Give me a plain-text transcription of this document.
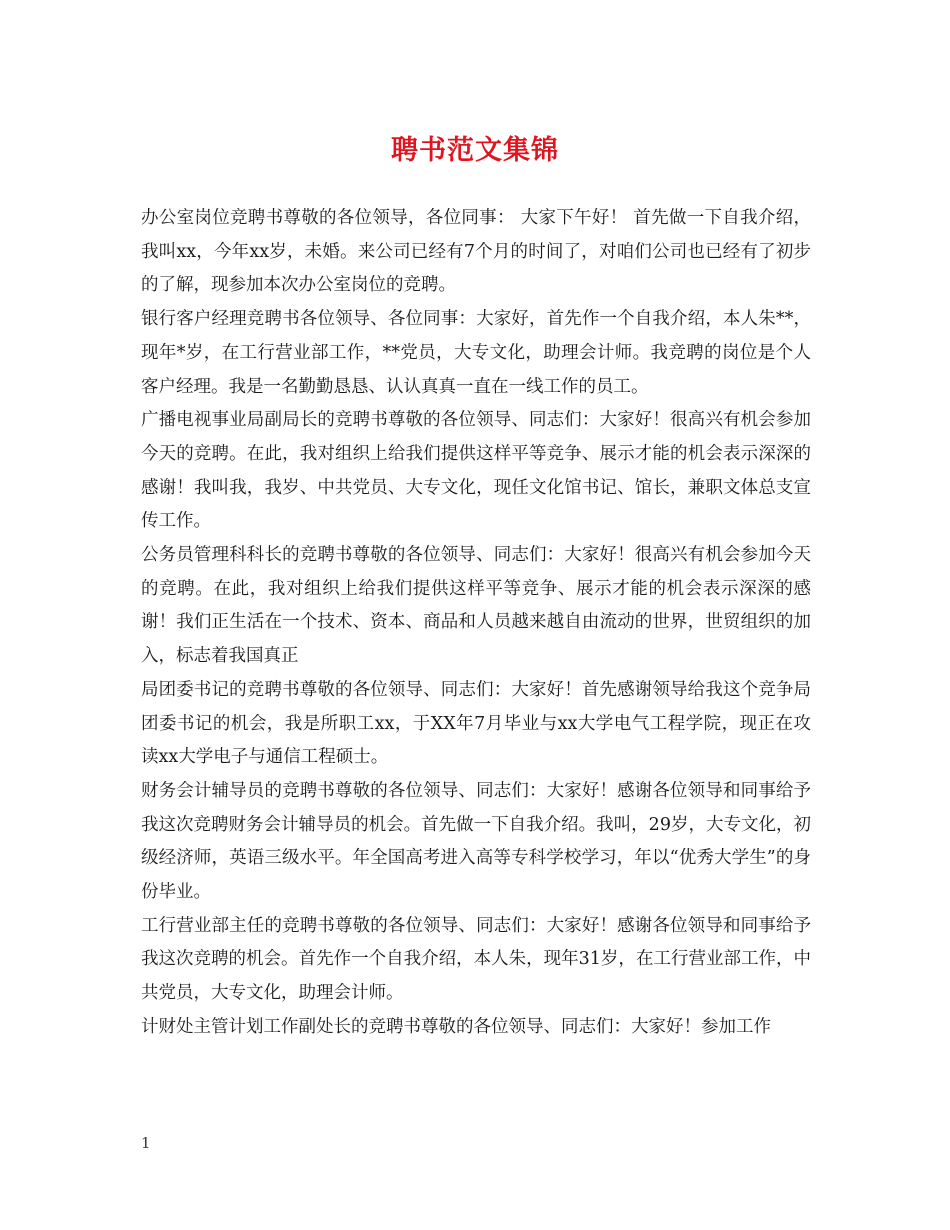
聘书范文集锦

办公室岗位竞聘书尊敬的各位领导，各位同事： 大家下午好！ 首先做一下自我介绍，我叫xx，今年xx岁，未婚。来公司已经有7个月的时间了，对咱们公司也已经有了初步的了解，现参加本次办公室岗位的竞聘。

银行客户经理竞聘书各位领导、各位同事：大家好，首先作一个自我介绍，本人朱**，现年*岁，在工行营业部工作，**党员，大专文化，助理会计师。我竞聘的岗位是个人客户经理。我是一名勤勤恳恳、认认真真一直在一线工作的员工。

广播电视事业局副局长的竞聘书尊敬的各位领导、同志们：大家好！很高兴有机会参加今天的竞聘。在此，我对组织上给我们提供这样平等竞争、展示才能的机会表示深深的感谢！我叫我，我岁、中共党员、大专文化，现任文化馆书记、馆长，兼职文体总支宣传工作。

公务员管理科科长的竞聘书尊敬的各位领导、同志们：大家好！很高兴有机会参加今天的竞聘。在此，我对组织上给我们提供这样平等竞争、展示才能的机会表示深深的感谢！我们正生活在一个技术、资本、商品和人员越来越自由流动的世界，世贸组织的加入，标志着我国真正

局团委书记的竞聘书尊敬的各位领导、同志们：大家好！首先感谢领导给我这个竞争局团委书记的机会，我是所职工xx，于XX年7月毕业与xx大学电气工程学院，现正在攻读xx大学电子与通信工程硕士。

财务会计辅导员的竞聘书尊敬的各位领导、同志们：大家好！感谢各位领导和同事给予我这次竞聘财务会计辅导员的机会。首先做一下自我介绍。我叫，29岁，大专文化，初级经济师，英语三级水平。年全国高考进入高等专科学校学习，年以“优秀大学生”的身份毕业。

工行营业部主任的竞聘书尊敬的各位领导、同志们：大家好！感谢各位领导和同事给予我这次竞聘的机会。首先作一个自我介绍，本人朱，现年31岁，在工行营业部工作，中共党员，大专文化，助理会计师。

计财处主管计划工作副处长的竞聘书尊敬的各位领导、同志们：大家好！参加工作

1
